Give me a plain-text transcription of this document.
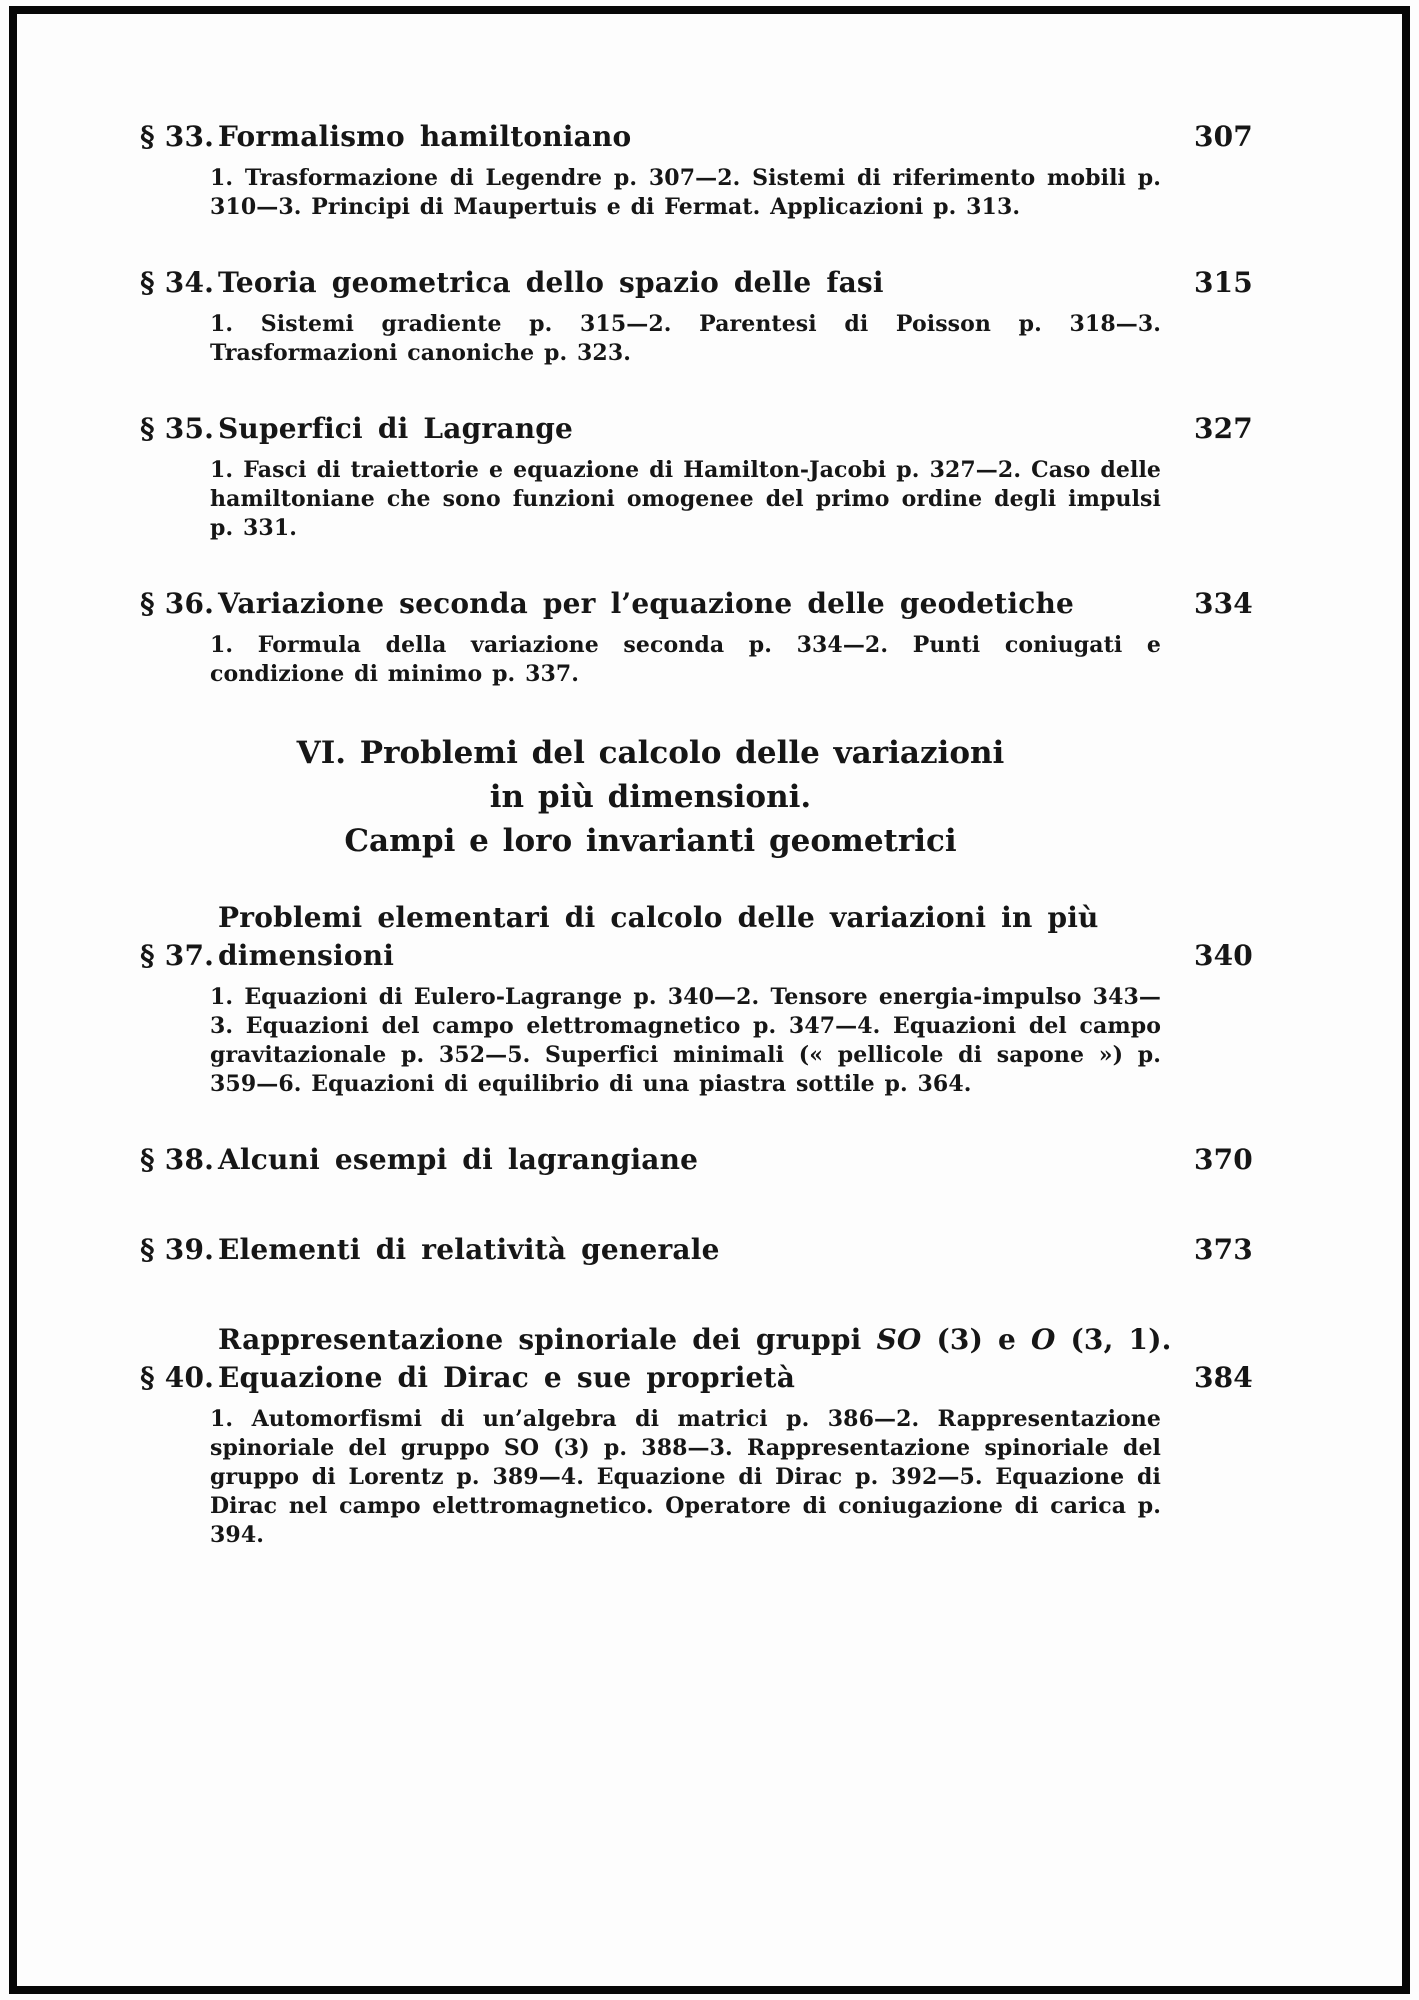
§ 33. Formalismo hamiltoniano	307

1. Trasformazione di Legendre p. 307—2. Sistemi di riferimento mobili p. 310—3. Principi di Maupertuis e di Fermat. Applicazioni p. 313.

§ 34. Teoria geometrica dello spazio delle fasi	315

1. Sistemi gradiente p. 315—2. Parentesi di Poisson p. 318—3. Trasformazioni canoniche p. 323.

§ 35. Superfici di Lagrange	327

1. Fasci di traiettorie e equazione di Hamilton-Jacobi p. 327—2. Caso delle hamiltoniane che sono funzioni omogenee del primo ordine degli impulsi p. 331.

§ 36. Variazione seconda per l’equazione delle geodetiche	334

1. Formula della variazione seconda p. 334—2. Punti coniugati e condizione di minimo p. 337.

VI. Problemi del calcolo delle variazioni
in più dimensioni.
Campi e loro invarianti geometrici
§ 37.
Problemi elementari di calcolo delle variazioni in più
dimensioni	340

1. Equazioni di Eulero-Lagrange p. 340—2. Tensore energia-impulso 343—3. Equazioni del campo elettromagnetico p. 347—4. Equazioni del campo gravitazionale p. 352—5. Superfici minimali (« pellicole di sapone ») p. 359—6. Equazioni di equilibrio di una piastra sottile p. 364.

§ 38. Alcuni esempi di lagrangiane	370
§ 39. Elementi di relatività generale	373
§ 40.
Rappresentazione spinoriale dei gruppi SO (3) e O (3, 1).
Equazione di Dirac e sue proprietà	384

1. Automorfismi di un’algebra di matrici p. 386—2. Rappresentazione spinoriale del gruppo SO (3) p. 388—3. Rappresentazione spinoriale del gruppo di Lorentz p. 389—4. Equazione di Dirac p. 392—5. Equazione di Dirac nel campo elettromagnetico. Operatore di coniugazione di carica p. 394.
